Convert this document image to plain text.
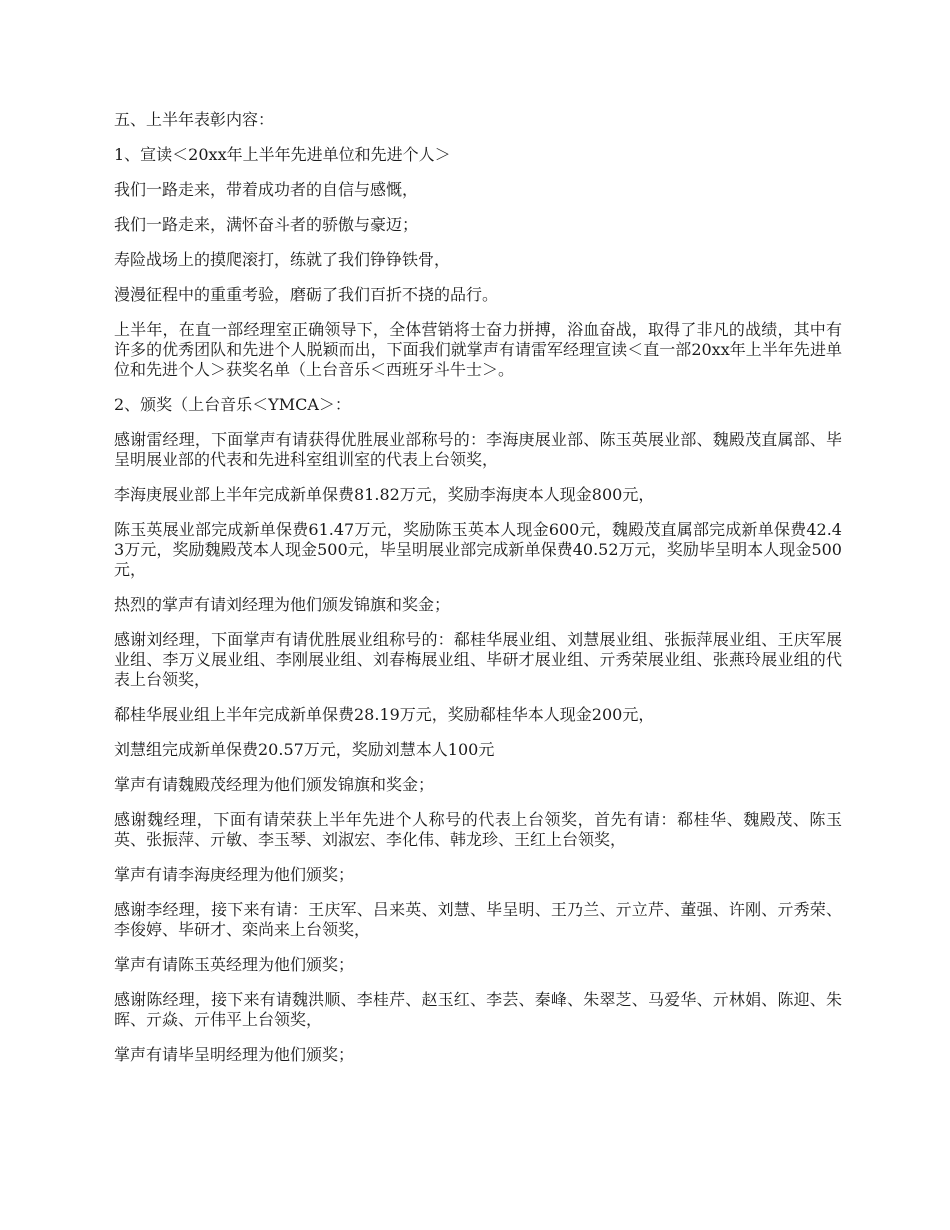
五、上半年表彰内容：

1、宣读＜20xx年上半年先进单位和先进个人＞

我们一路走来，带着成功者的自信与感慨，

我们一路走来，满怀奋斗者的骄傲与豪迈；

寿险战场上的摸爬滚打，练就了我们铮铮铁骨，

漫漫征程中的重重考验，磨砺了我们百折不挠的品行。

上半年，在直一部经理室正确领导下，全体营销将士奋力拼搏，浴血奋战，取得了非凡的战绩，其中有许多的优秀团队和先进个人脱颖而出，下面我们就掌声有请雷军经理宣读＜直一部20xx年上半年先进单位和先进个人＞获奖名单（上台音乐＜西班牙斗牛士＞。

2、颁奖（上台音乐＜YMCA＞：

感谢雷经理，下面掌声有请获得优胜展业部称号的：李海庚展业部、陈玉英展业部、魏殿茂直属部、毕呈明展业部的代表和先进科室组训室的代表上台领奖，

李海庚展业部上半年完成新单保费81.82万元，奖励李海庚本人现金800元，

陈玉英展业部完成新单保费61.47万元，奖励陈玉英本人现金600元，魏殿茂直属部完成新单保费42.43万元，奖励魏殿茂本人现金500元，毕呈明展业部完成新单保费40.52万元，奖励毕呈明本人现金500元，

热烈的掌声有请刘经理为他们颁发锦旗和奖金；

感谢刘经理，下面掌声有请优胜展业组称号的：郗桂华展业组、刘慧展业组、张振萍展业组、王庆军展业组、李万义展业组、李刚展业组、刘春梅展业组、毕研才展业组、亓秀荣展业组、张燕玲展业组的代表上台领奖，

郗桂华展业组上半年完成新单保费28.19万元，奖励郗桂华本人现金200元，

刘慧组完成新单保费20.57万元，奖励刘慧本人100元

掌声有请魏殿茂经理为他们颁发锦旗和奖金；

感谢魏经理，下面有请荣获上半年先进个人称号的代表上台领奖，首先有请：郗桂华、魏殿茂、陈玉英、张振萍、亓敏、李玉琴、刘淑宏、李化伟、韩龙珍、王红上台领奖，

掌声有请李海庚经理为他们颁奖；

感谢李经理，接下来有请：王庆军、吕来英、刘慧、毕呈明、王乃兰、亓立芹、董强、许刚、亓秀荣、李俊婷、毕研才、栾尚来上台领奖，

掌声有请陈玉英经理为他们颁奖；

感谢陈经理，接下来有请魏洪顺、李桂芹、赵玉红、李芸、秦峰、朱翠芝、马爱华、亓林娟、陈迎、朱晖、亓焱、亓伟平上台领奖，

掌声有请毕呈明经理为他们颁奖；
